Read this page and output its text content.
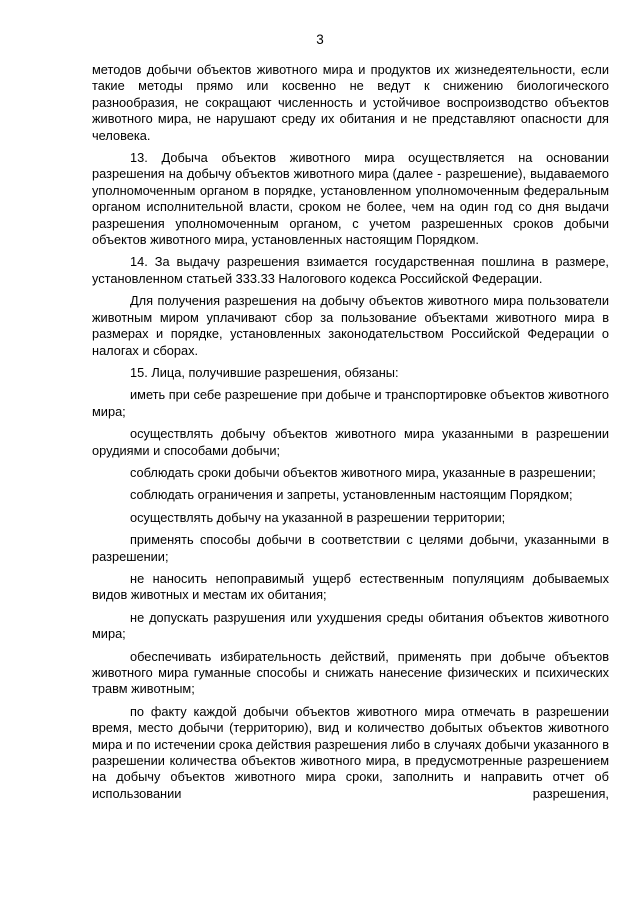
3

методов добычи объектов животного мира и продуктов их жизнедеятельности, если такие методы прямо или косвенно не ведут к снижению биологического разнообразия, не сокращают численность и устойчивое воспроизводство объектов животного мира, не нарушают среду их обитания и не представляют опасности для человека.

13. Добыча объектов животного мира осуществляется на основании разрешения на добычу объектов животного мира (далее - разрешение), выдаваемого уполномоченным органом в порядке, установленном уполномоченным федеральным органом исполнительной власти, сроком не более, чем на один год со дня выдачи разрешения уполномоченным органом, с учетом разрешенных сроков добычи объектов животного мира, установленных настоящим Порядком.

14. За выдачу разрешения взимается государственная пошлина в размере, установленном статьей 333.33 Налогового кодекса Российской Федерации.

Для получения разрешения на добычу объектов животного мира пользователи животным миром уплачивают сбор за пользование объектами животного мира в размерах и порядке, установленных законодательством Российской Федерации о налогах и сборах.

15. Лица, получившие разрешения, обязаны:

иметь при себе разрешение при добыче и транспортировке объектов животного мира;

осуществлять добычу объектов животного мира указанными в разрешении орудиями и способами добычи;

соблюдать сроки добычи объектов животного мира, указанные в разрешении;

соблюдать ограничения и запреты, установленным настоящим Порядком;

осуществлять добычу на указанной в разрешении территории;

применять способы добычи в соответствии с целями добычи, указанными в разрешении;

не наносить непоправимый ущерб естественным популяциям добываемых видов животных и местам их обитания;

не допускать разрушения или ухудшения среды обитания объектов животного мира;

обеспечивать избирательность действий, применять при добыче объектов животного мира гуманные способы и снижать нанесение физических и психических травм животным;

по факту каждой добычи объектов животного мира отмечать в разрешении время, место добычи (территорию), вид и количество добытых объектов животного мира и по истечении срока действия разрешения либо в случаях добычи указанного в разрешении количества объектов животного мира, в предусмотренные разрешением на добычу объектов животного мира сроки, заполнить и направить отчет об использовании разрешения,
